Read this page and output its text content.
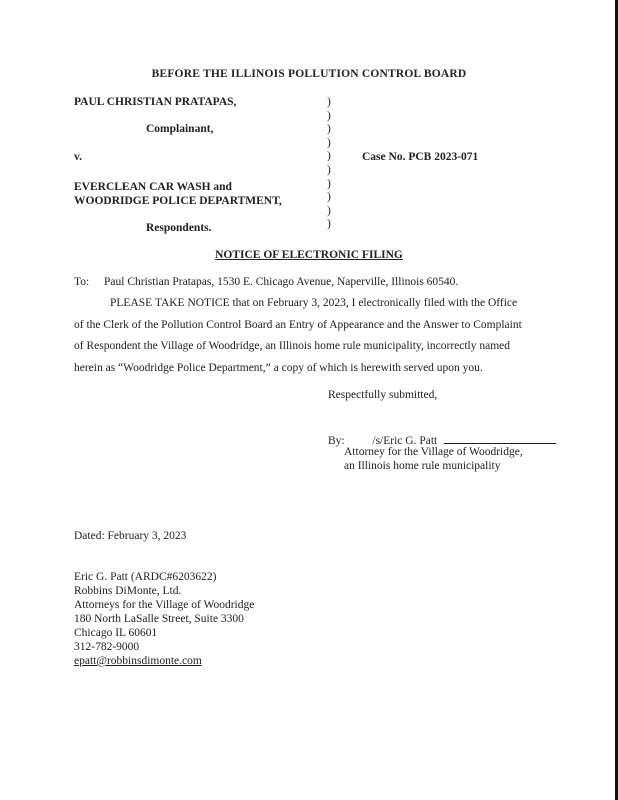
BEFORE THE ILLINOIS POLLUTION CONTROL BOARD
PAUL CHRISTIAN PRATAPAS,
Complainant,
v.	Case No. PCB 2023-071
EVERCLEAN CAR WASH and
WOODRIDGE POLICE DEPARTMENT,
Respondents.
)
)
)
)
)
)
)
)
)
)
NOTICE OF ELECTRONIC FILING
To: Paul Christian Pratapas, 1530 E. Chicago Avenue, Naperville, Illinois 60540.
PLEASE TAKE NOTICE that on February 3, 2023, I electronically filed with the Office
of the Clerk of the Pollution Control Board an Entry of Appearance and the Answer to Complaint
of Respondent the Village of Woodridge, an Illinois home rule municipality, incorrectly named
herein as “Woodridge Police Department,” a copy of which is herewith served upon you.
Respectfully submitted,
By: /s/Eric G. Patt
Attorney for the Village of Woodridge,
an Illinois home rule municipality
Dated: February 3, 2023
Eric G. Patt (ARDC#6203622)
Robbins DiMonte, Ltd.
Attorneys for the Village of Woodridge
180 North LaSalle Street, Suite 3300
Chicago IL 60601
312-782-9000
epatt@robbinsdimonte.com
